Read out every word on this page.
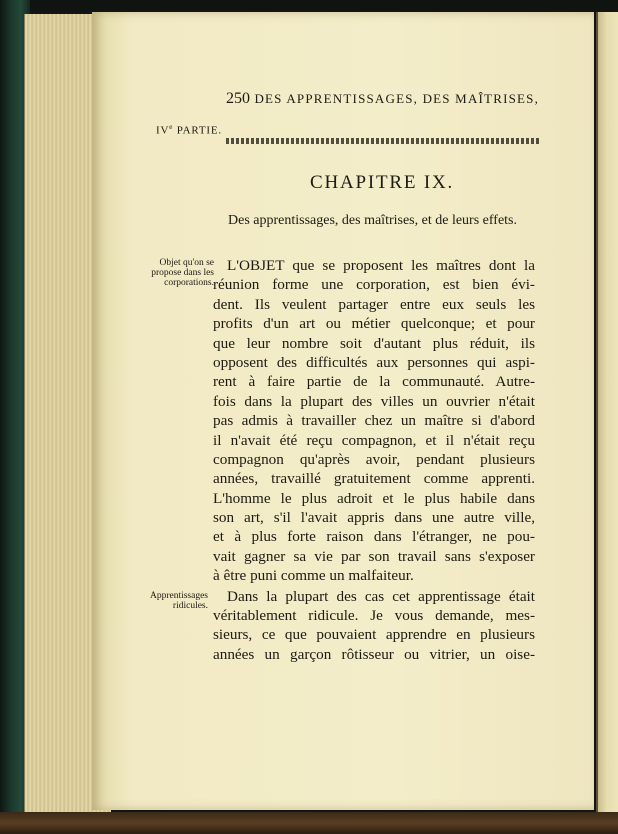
250 DES APPRENTISSAGES, DES MAÎTRISES,
IVe PARTIE.
CHAPITRE IX.
Des apprentissages, des maîtrises, et de leurs effets.
Objet qu'on se propose dans les corporations.
Apprentissages ridicules.
L'OBJET que se proposent les maîtres dont la
réunion forme une corporation, est bien évi-
dent. Ils veulent partager entre eux seuls les
profits d'un art ou métier quelconque; et pour
que leur nombre soit d'autant plus réduit, ils
opposent des difficultés aux personnes qui aspi-
rent à faire partie de la communauté. Autre-
fois dans la plupart des villes un ouvrier n'était
pas admis à travailler chez un maître si d'abord
il n'avait été reçu compagnon, et il n'était reçu
compagnon qu'après avoir, pendant plusieurs
années, travaillé gratuitement comme apprenti.
L'homme le plus adroit et le plus habile dans
son art, s'il l'avait appris dans une autre ville,
et à plus forte raison dans l'étranger, ne pou-
vait gagner sa vie par son travail sans s'exposer
à être puni comme un malfaiteur.
Dans la plupart des cas cet apprentissage était
véritablement ridicule. Je vous demande, mes-
sieurs, ce que pouvaient apprendre en plusieurs
années un garçon rôtisseur ou vitrier, un oise-
